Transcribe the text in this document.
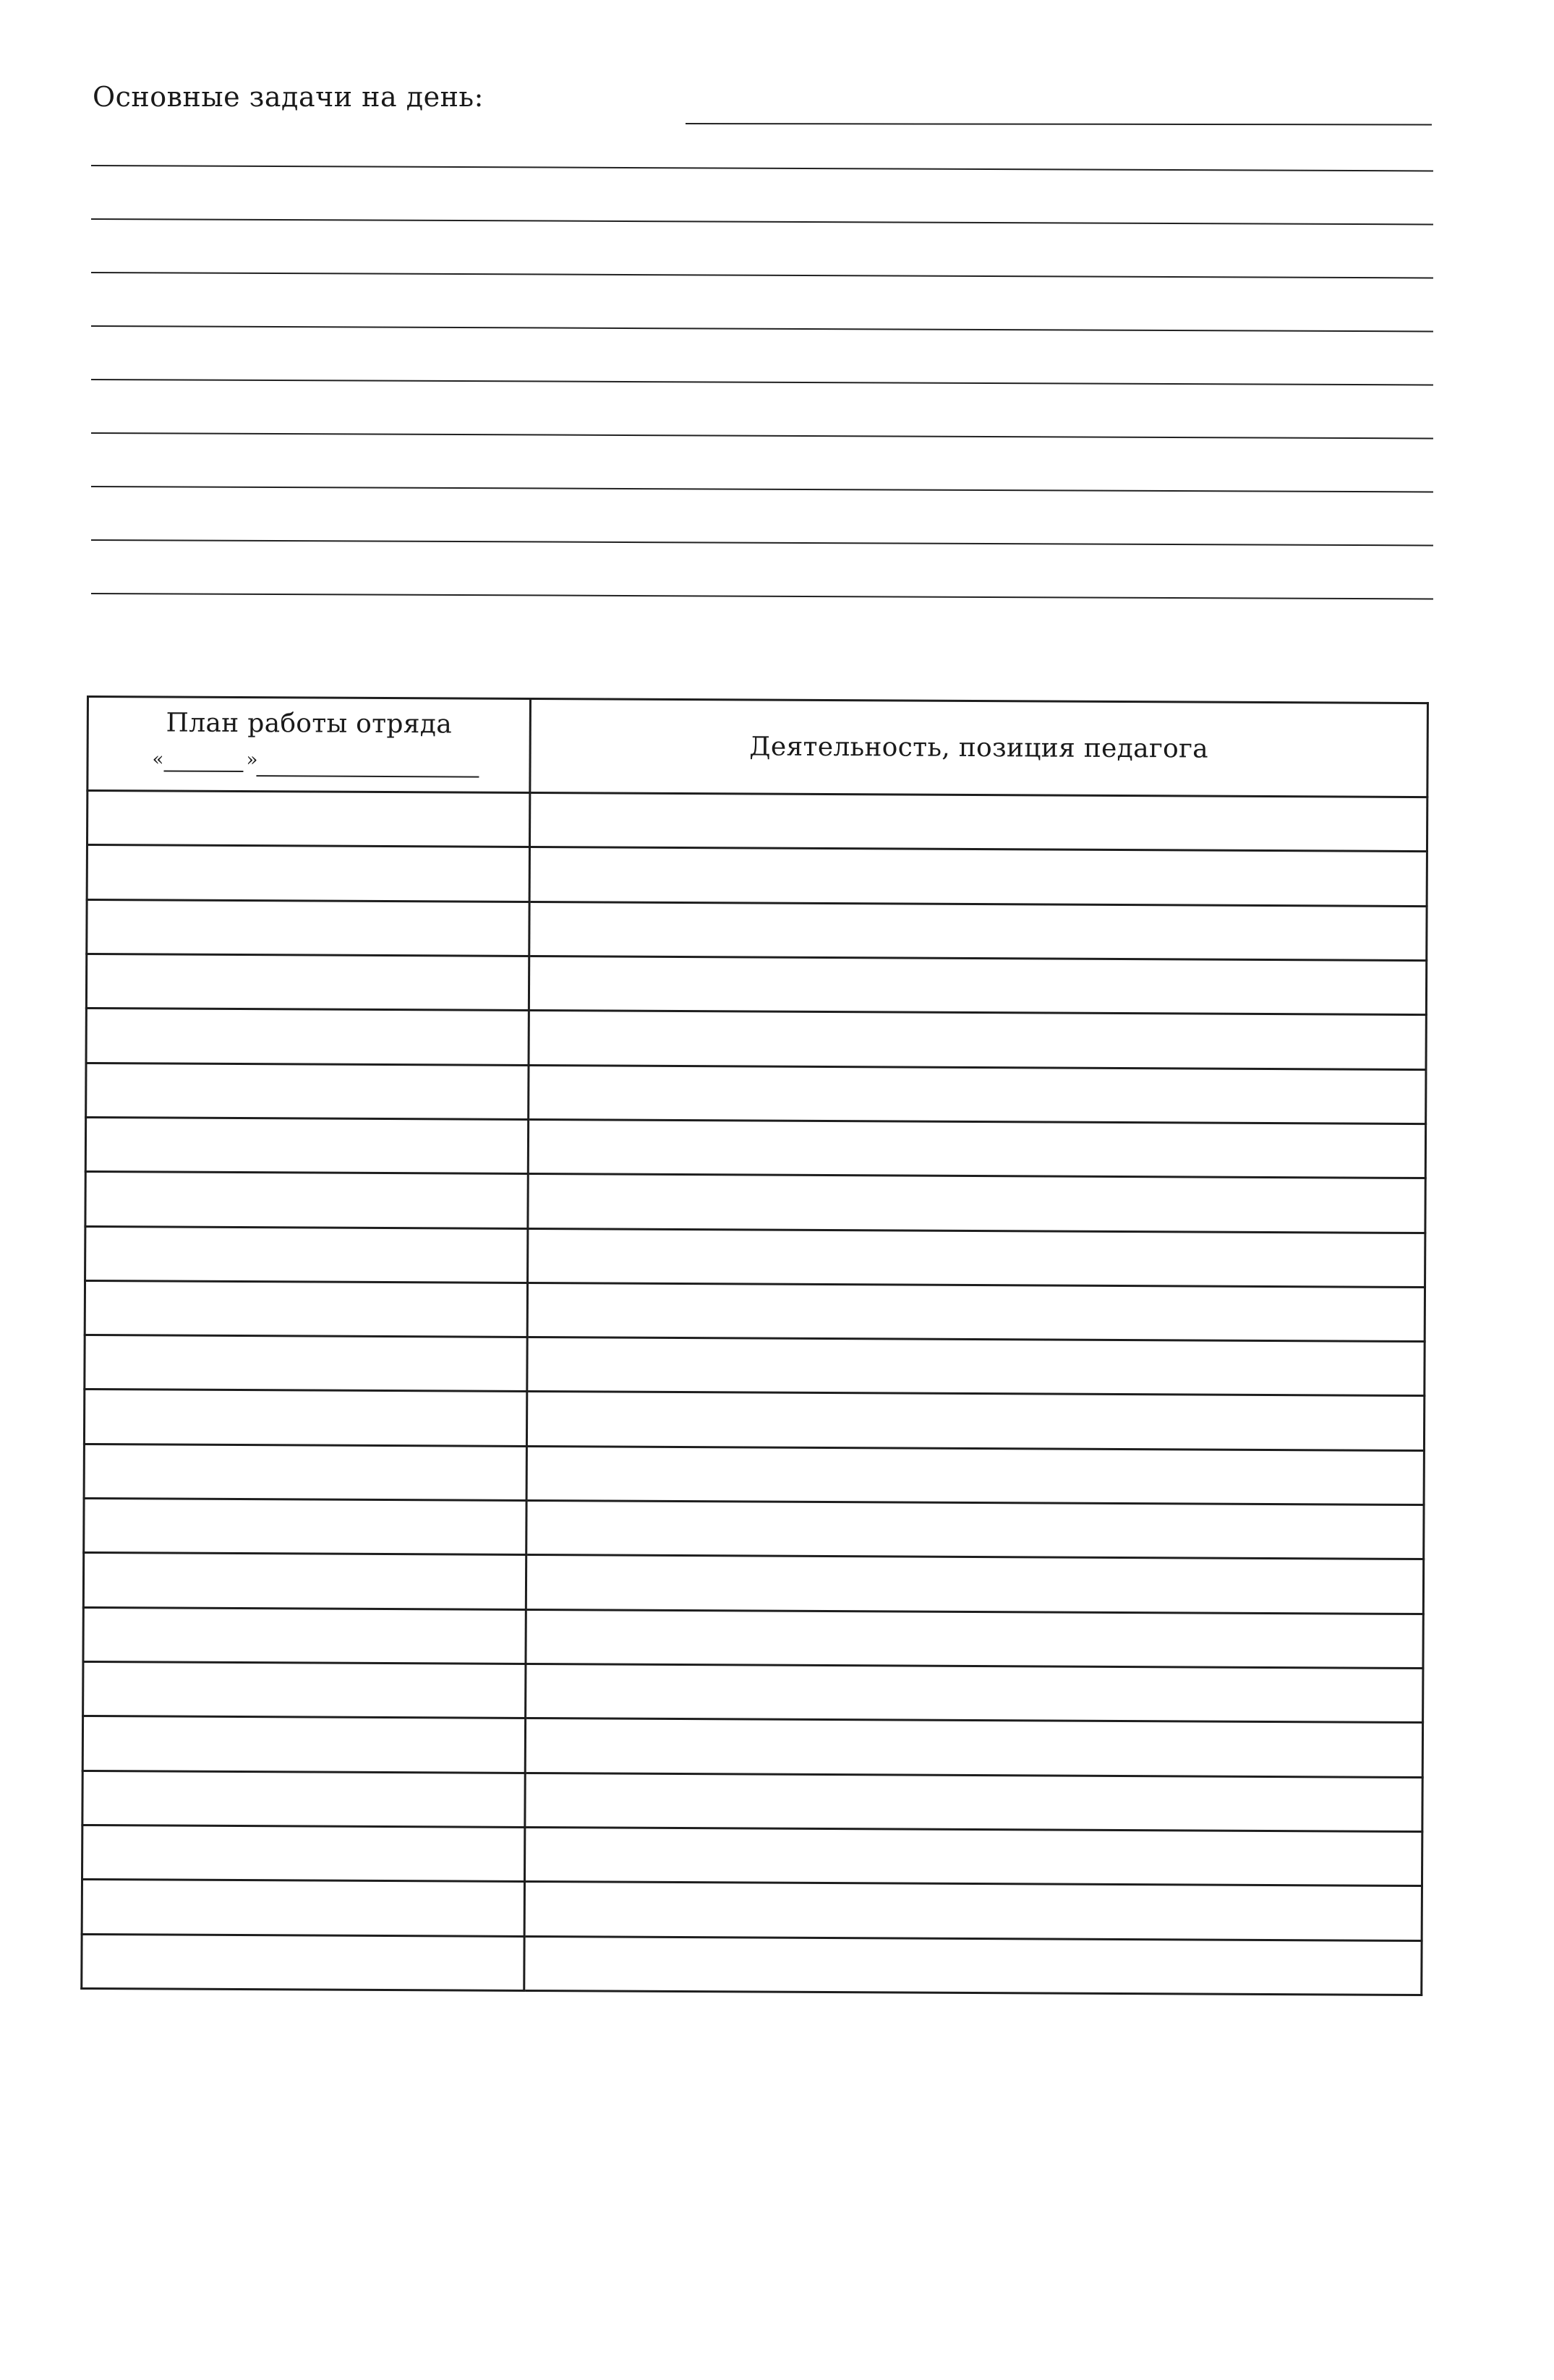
Основные задачи на день:
План работы отряда
« »	Деятельность, позиция педагога
